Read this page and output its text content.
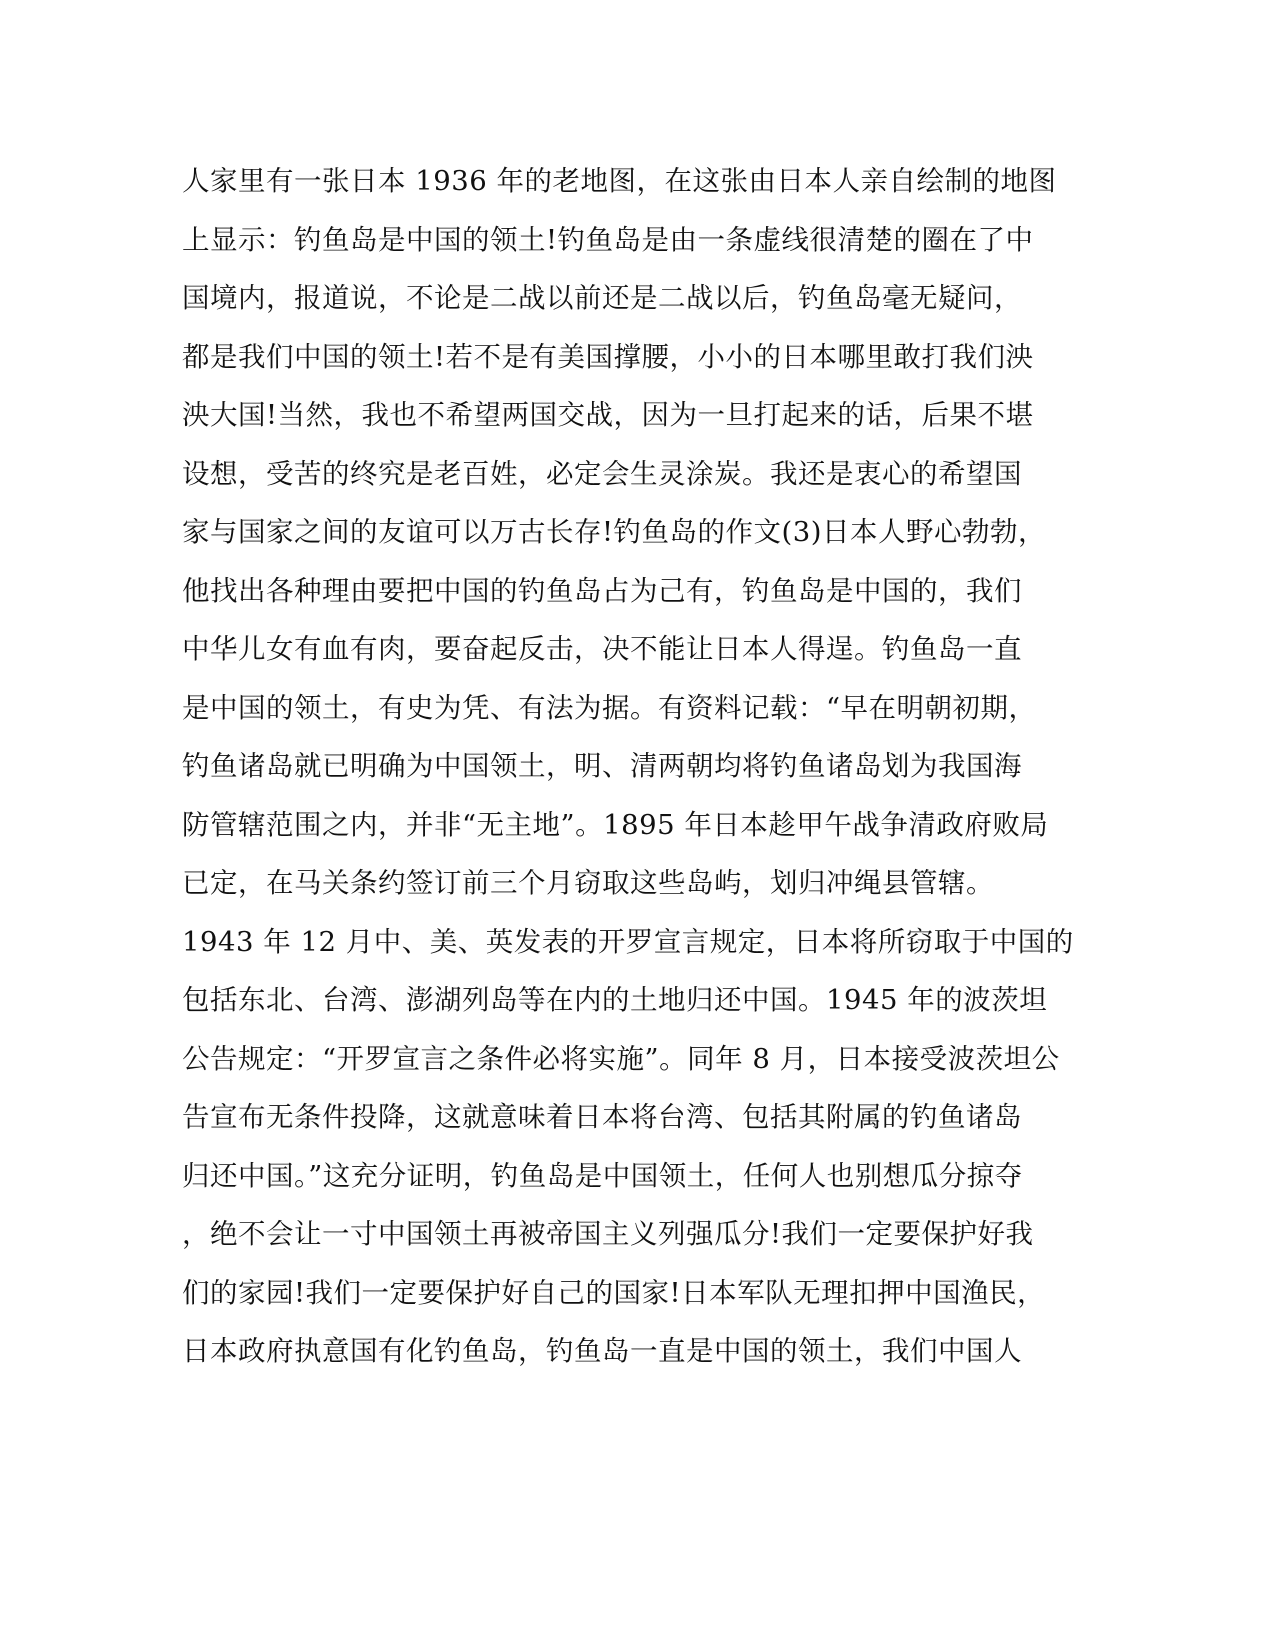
人家里有一张日本 1936 年的老地图，在这张由日本人亲自绘制的地图
上显示：钓鱼岛是中国的领土!钓鱼岛是由一条虚线很清楚的圈在了中
国境内，报道说，不论是二战以前还是二战以后，钓鱼岛毫无疑问，
都是我们中国的领土!若不是有美国撑腰，小小的日本哪里敢打我们泱
泱大国!当然，我也不希望两国交战，因为一旦打起来的话，后果不堪
设想，受苦的终究是老百姓，必定会生灵涂炭。我还是衷心的希望国
家与国家之间的友谊可以万古长存!钓鱼岛的作文(3)日本人野心勃勃，
他找出各种理由要把中国的钓鱼岛占为己有，钓鱼岛是中国的，我们
中华儿女有血有肉，要奋起反击，决不能让日本人得逞。钓鱼岛一直
是中国的领土，有史为凭、有法为据。有资料记载：“早在明朝初期，
钓鱼诸岛就已明确为中国领土，明、清两朝均将钓鱼诸岛划为我国海
防管辖范围之内，并非“无主地”。1895 年日本趁甲午战争清政府败局
已定，在马关条约签订前三个月窃取这些岛屿，划归冲绳县管辖。
1943 年 12 月中、美、英发表的开罗宣言规定，日本将所窃取于中国的
包括东北、台湾、澎湖列岛等在内的土地归还中国。1945 年的波茨坦
公告规定：“开罗宣言之条件必将实施”。同年 8 月，日本接受波茨坦公
告宣布无条件投降，这就意味着日本将台湾、包括其附属的钓鱼诸岛
归还中国。”这充分证明，钓鱼岛是中国领土，任何人也别想瓜分掠夺
，绝不会让一寸中国领土再被帝国主义列强瓜分!我们一定要保护好我
们的家园!我们一定要保护好自己的国家!日本军队无理扣押中国渔民，
日本政府执意国有化钓鱼岛，钓鱼岛一直是中国的领土，我们中国人
